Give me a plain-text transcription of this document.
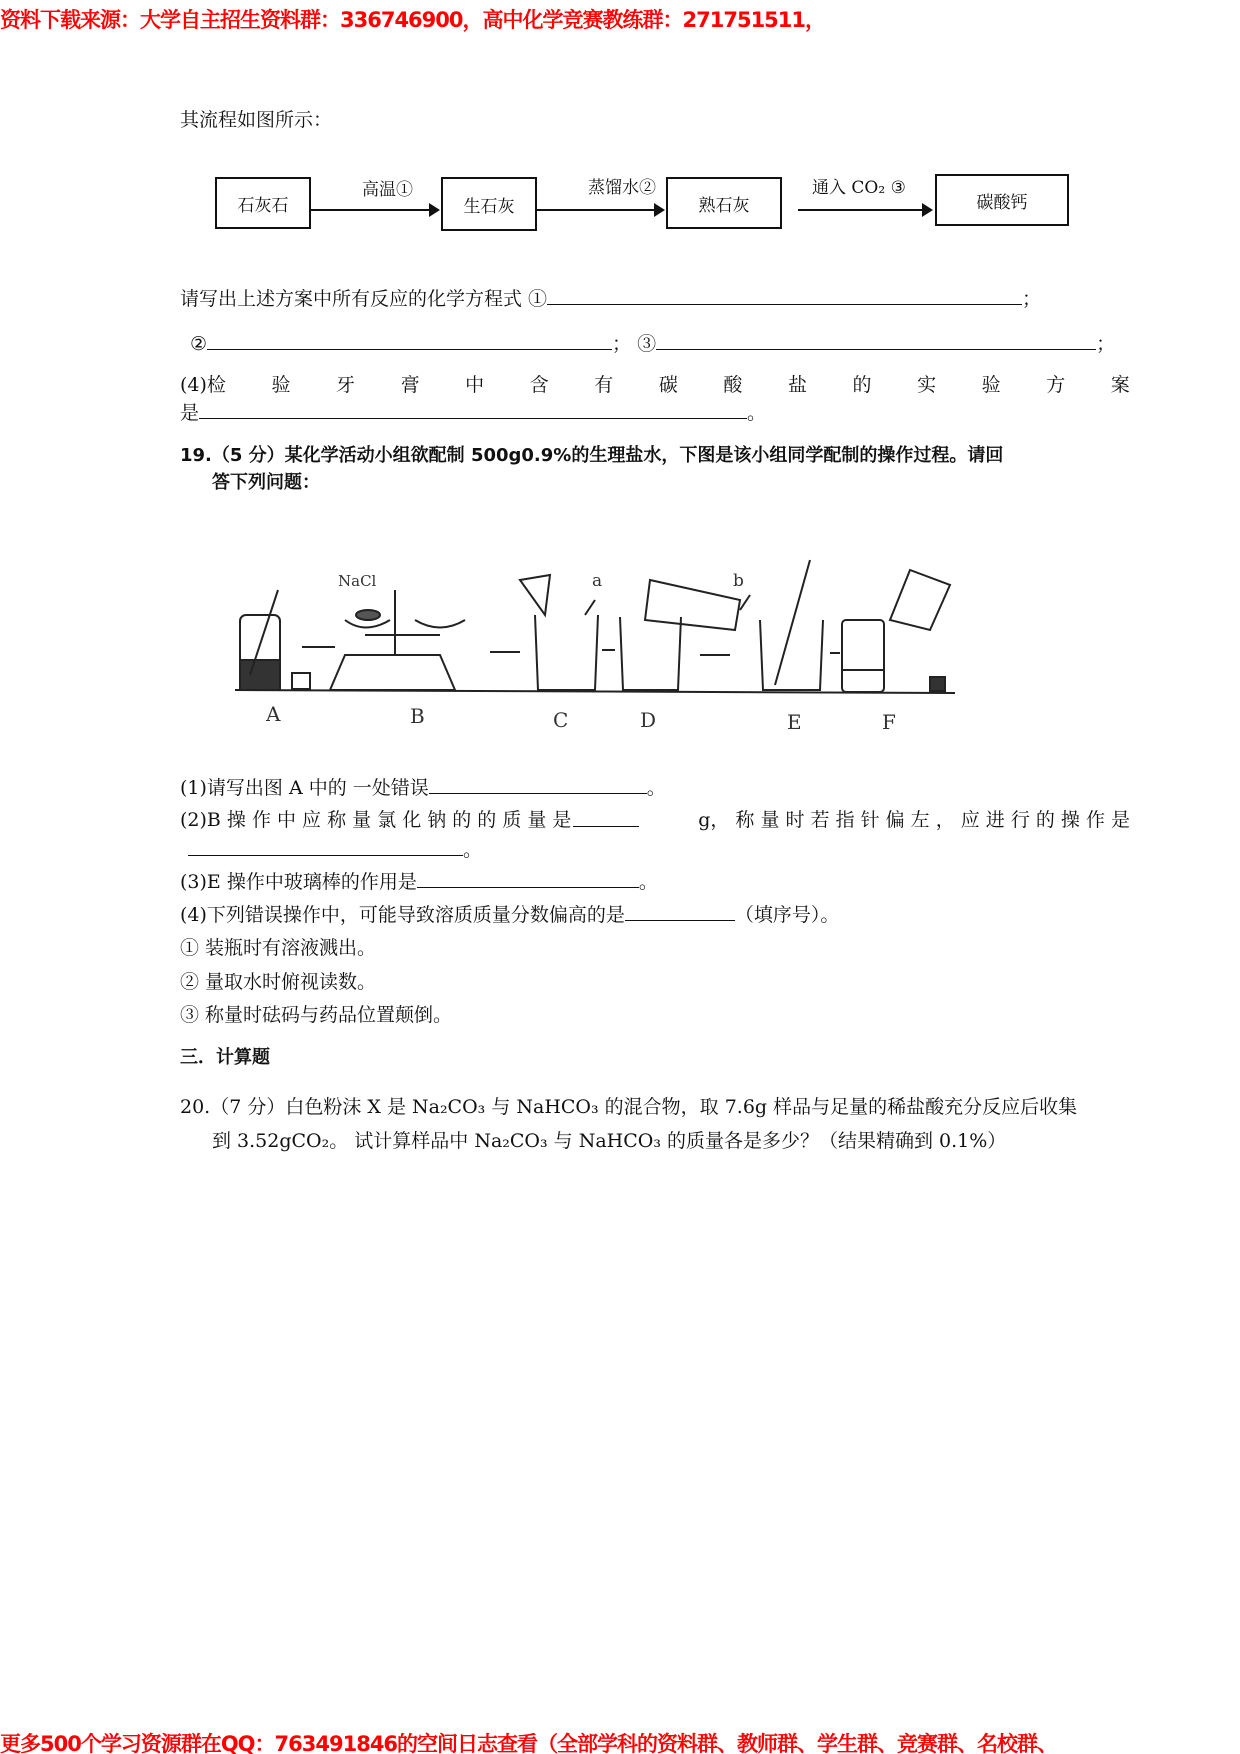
资料下载来源：大学自主招生资料群：336746900，高中化学竞赛教练群：271751511，
其流程如图所示：
石灰石	生石灰	熟石灰	碳酸钙
高温①	蒸馏水②	通入 CO₂ ③
请写出上述方案中所有反应的化学方程式 ①	；
②	； ③	；
(4)检 验 牙 膏 中 含 有 碳 酸 盐 的 实 验 方 案
是	。
19.（5 分）某化学活动小组欲配制 500g0.9%的生理盐水，下图是该小组同学配制的操作过程。请回
答下列问题：
NaCl	a	b
A	B	C	D	E	F
(1)请写出图 A 中的 一处错误	。
(2)B 操 作 中 应 称 量 氯 化 钠 的 的 质 量 是	g， 称 量 时 若 指 针 偏 左 ， 应 进 行 的 操 作 是
。
(3)E 操作中玻璃棒的作用是	。
(4)下列错误操作中，可能导致溶质质量分数偏高的是	（填序号）。
① 装瓶时有溶液溅出。
② 量取水时俯视读数。
③ 称量时砝码与药品位置颠倒。
三．计算题
20.（7 分）白色粉沫 X 是 Na₂CO₃ 与 NaHCO₃ 的混合物，取 7.6g 样品与足量的稀盐酸充分反应后收集
到 3.52gCO₂。 试计算样品中 Na₂CO₃ 与 NaHCO₃ 的质量各是多少？（结果精确到 0.1%）
更多500个学习资源群在QQ：763491846的空间日志查看（全部学科的资料群、教师群、学生群、竞赛群、名校群、
